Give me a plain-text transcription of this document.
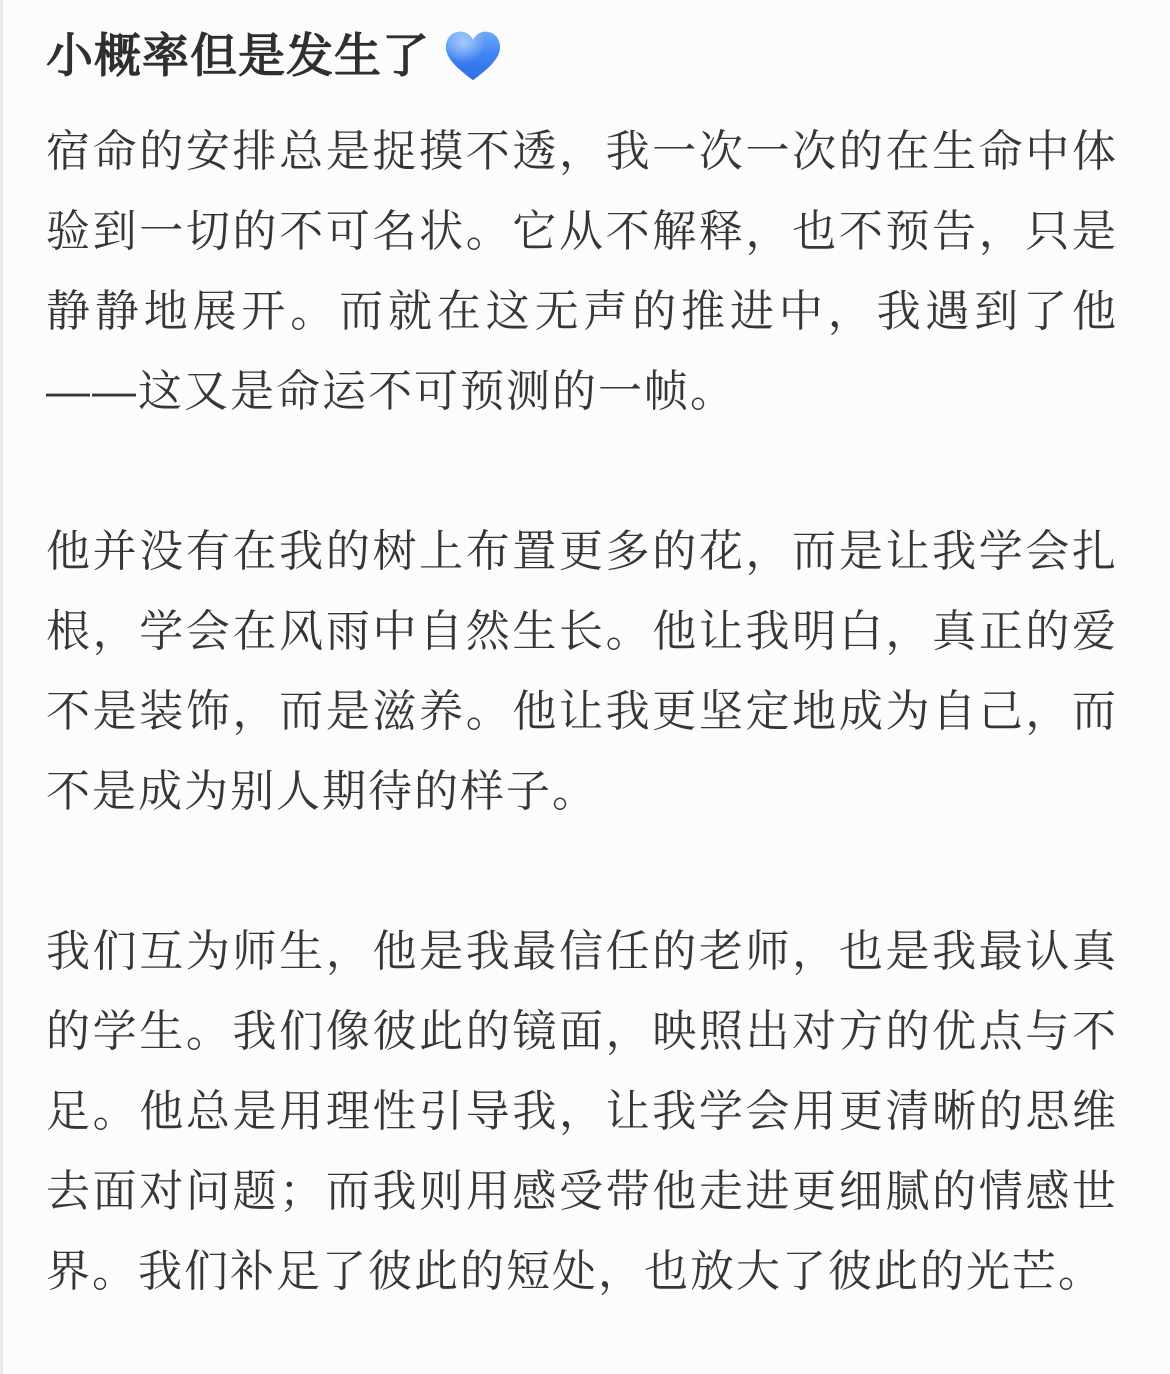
小概率但是发生了

宿命的安排总是捉摸不透，我一次一次的在生命中体验到一切的不可名状。它从不解释，也不预告，只是静静地展开。而就在这无声的推进中，我遇到了他——这又是命运不可预测的一帧。

他并没有在我的树上布置更多的花，而是让我学会扎根，学会在风雨中自然生长。他让我明白，真正的爱不是装饰，而是滋养。他让我更坚定地成为自己，而不是成为别人期待的样子。

我们互为师生，他是我最信任的老师，也是我最认真的学生。我们像彼此的镜面，映照出对方的优点与不足。他总是用理性引导我，让我学会用更清晰的思维去面对问题；而我则用感受带他走进更细腻的情感世界。我们补足了彼此的短处，也放大了彼此的光芒。
